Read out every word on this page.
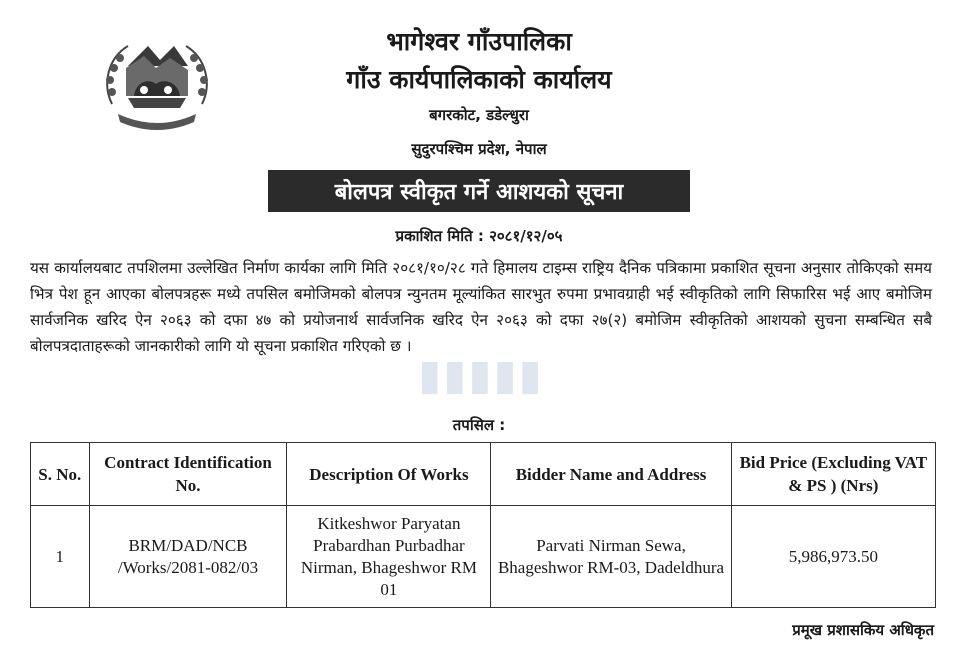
भागेश्वर गाँउपालिका
गाँउ कार्यपालिकाको कार्यालय
बगरकोट, डडेल्धुरा
सुदुरपश्चिम प्रदेश, नेपाल
बोलपत्र स्वीकृत गर्ने आशयको सूचना
प्रकाशित मिति : २०८१/१२/०५
▮▮▮▮▮
यस कार्यालयबाट तपशिलमा उल्लेखित निर्माण कार्यका लागि मिति २०८१/१०/२८ गते हिमालय टाइम्स राष्ट्रिय दैनिक पत्रिकामा प्रकाशित सूचना अनुसार तोकिएको समय भित्र पेश हून आएका बोलपत्रहरू मध्ये तपसिल बमोजिमको बोलपत्र न्युनतम मूल्यांकित सारभुत रुपमा प्रभावग्राही भई स्वीकृतिको लागि सिफारिस भई आए बमोजिम सार्वजनिक खरिद ऐन २०६३ को दफा ४७ को प्रयोजनार्थ सार्वजनिक खरिद ऐन २०६३ को दफा २७(२) बमोजिम स्वीकृतिको आशयको सुचना सम्बन्धित सबै बोलपत्रदाताहरूको जानकारीको लागि यो सूचना प्रकाशित गरिएको छ ।
तपसिल :
S. No.	Contract Identification No.	Description Of Works	Bidder Name and Address	Bid Price (Excluding VAT & PS ) (Nrs)
1	BRM/DAD/NCB /Works/2081-082/03	Kitkeshwor Paryatan Prabardhan Purbadhar Nirman, Bhageshwor RM 01	Parvati Nirman Sewa, Bhageshwor RM-03, Dadeldhura	5,986,973.50
प्रमूख प्रशासकिय अधिकृत
